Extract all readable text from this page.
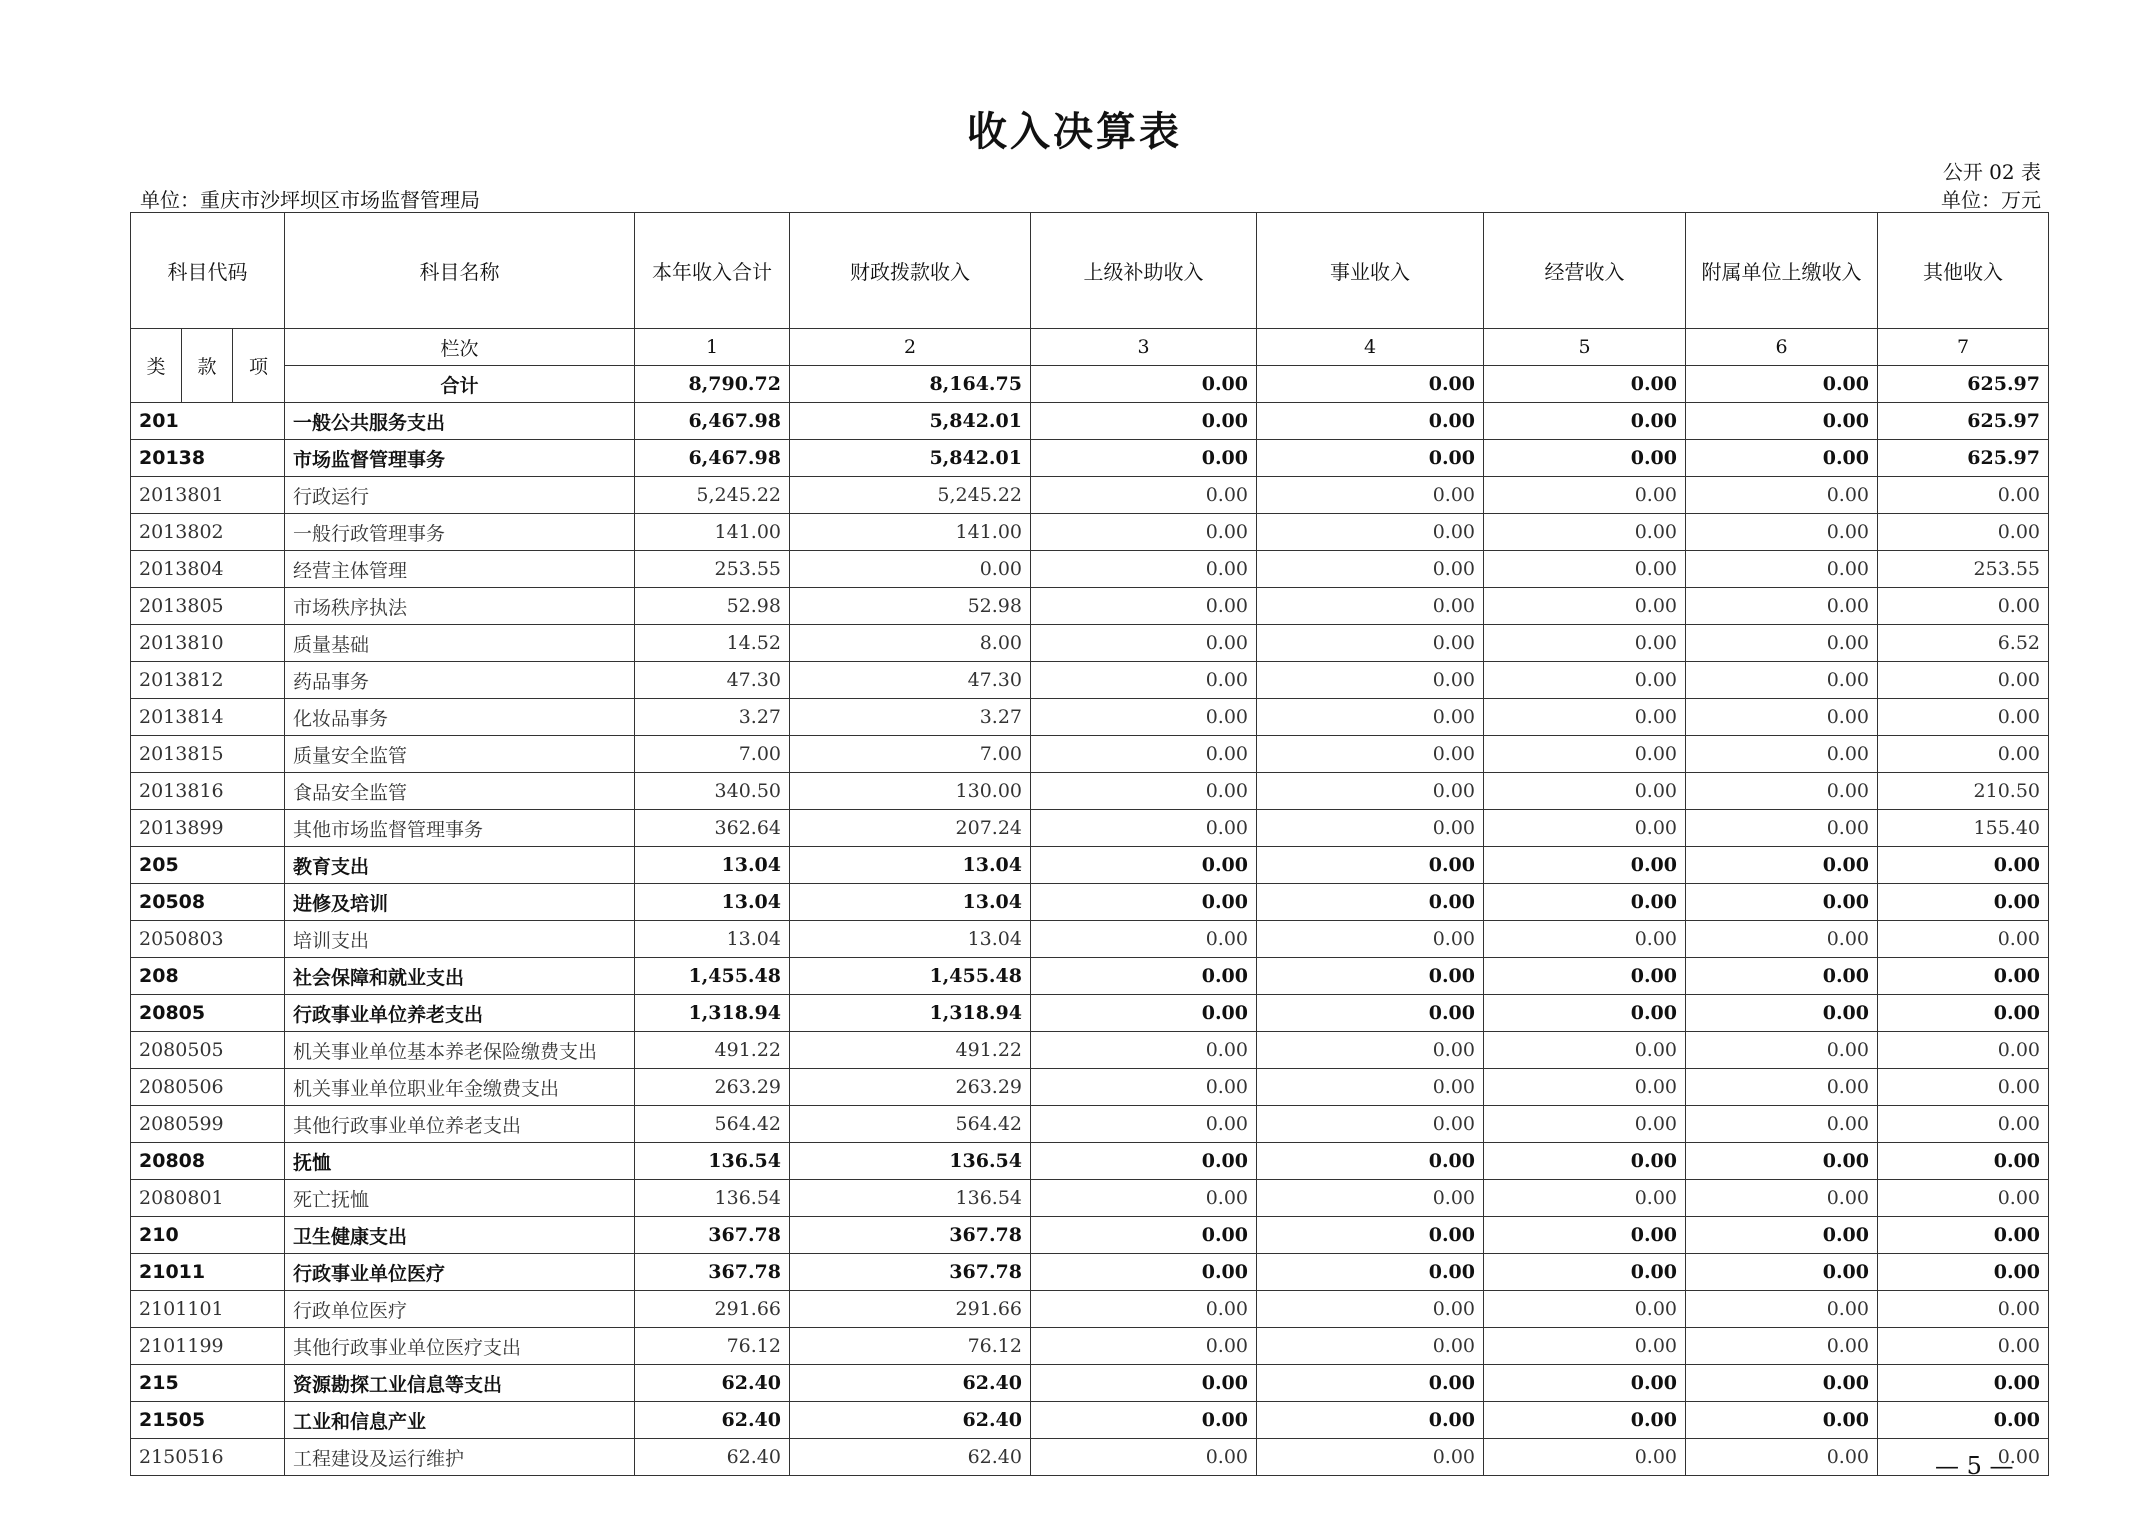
收入决算表
公开 02 表
单位：重庆市沙坪坝区市场监督管理局	单位：万元
科目代码			科目名称	本年收入合计	财政拨款收入	上级补助收入	事业收入	经营收入	附属单位上缴收入	其他收入
类	款	项	栏次	1	2	3	4	5	6	7
			合计	8,790.72	8,164.75	0.00	0.00	0.00	0.00	625.97
201			一般公共服务支出	6,467.98	5,842.01	0.00	0.00	0.00	0.00	625.97
20138			市场监督管理事务	6,467.98	5,842.01	0.00	0.00	0.00	0.00	625.97
2013801			行政运行	5,245.22	5,245.22	0.00	0.00	0.00	0.00	0.00
2013802			一般行政管理事务	141.00	141.00	0.00	0.00	0.00	0.00	0.00
2013804			经营主体管理	253.55	0.00	0.00	0.00	0.00	0.00	253.55
2013805			市场秩序执法	52.98	52.98	0.00	0.00	0.00	0.00	0.00
2013810			质量基础	14.52	8.00	0.00	0.00	0.00	0.00	6.52
2013812			药品事务	47.30	47.30	0.00	0.00	0.00	0.00	0.00
2013814			化妆品事务	3.27	3.27	0.00	0.00	0.00	0.00	0.00
2013815			质量安全监管	7.00	7.00	0.00	0.00	0.00	0.00	0.00
2013816			食品安全监管	340.50	130.00	0.00	0.00	0.00	0.00	210.50
2013899			其他市场监督管理事务	362.64	207.24	0.00	0.00	0.00	0.00	155.40
205			教育支出	13.04	13.04	0.00	0.00	0.00	0.00	0.00
20508			进修及培训	13.04	13.04	0.00	0.00	0.00	0.00	0.00
2050803			培训支出	13.04	13.04	0.00	0.00	0.00	0.00	0.00
208			社会保障和就业支出	1,455.48	1,455.48	0.00	0.00	0.00	0.00	0.00
20805			行政事业单位养老支出	1,318.94	1,318.94	0.00	0.00	0.00	0.00	0.00
2080505			机关事业单位基本养老保险缴费支出	491.22	491.22	0.00	0.00	0.00	0.00	0.00
2080506			机关事业单位职业年金缴费支出	263.29	263.29	0.00	0.00	0.00	0.00	0.00
2080599			其他行政事业单位养老支出	564.42	564.42	0.00	0.00	0.00	0.00	0.00
20808			抚恤	136.54	136.54	0.00	0.00	0.00	0.00	0.00
2080801			死亡抚恤	136.54	136.54	0.00	0.00	0.00	0.00	0.00
210			卫生健康支出	367.78	367.78	0.00	0.00	0.00	0.00	0.00
21011			行政事业单位医疗	367.78	367.78	0.00	0.00	0.00	0.00	0.00
2101101			行政单位医疗	291.66	291.66	0.00	0.00	0.00	0.00	0.00
2101199			其他行政事业单位医疗支出	76.12	76.12	0.00	0.00	0.00	0.00	0.00
215			资源勘探工业信息等支出	62.40	62.40	0.00	0.00	0.00	0.00	0.00
21505			工业和信息产业	62.40	62.40	0.00	0.00	0.00	0.00	0.00
2150516			工程建设及运行维护	62.40	62.40	0.00	0.00	0.00	0.00	0.00
— 5 —
